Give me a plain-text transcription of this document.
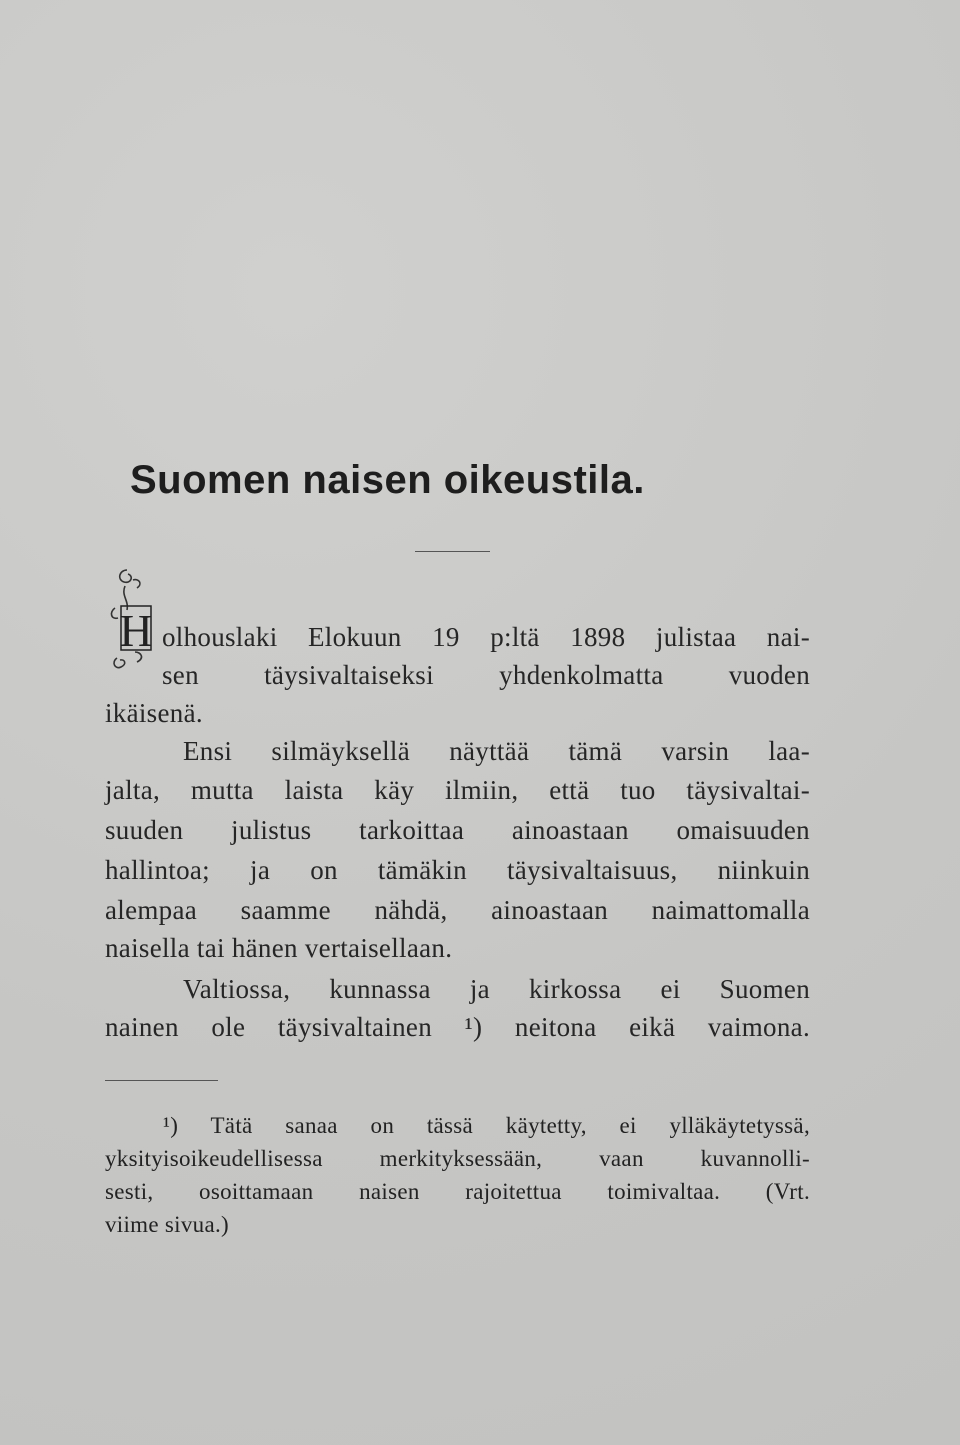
Suomen naisen oikeustila.
H olhouslaki Elokuun 19 p:ltä 1898 julistaa nai-
sen täysivaltaiseksi yhdenkolmatta vuoden
ikäisenä.
Ensi silmäyksellä näyttää tämä varsin laa-
jalta, mutta laista käy ilmiin, että tuo täysivaltai-
suuden julistus tarkoittaa ainoastaan omaisuuden
hallintoa; ja on tämäkin täysivaltaisuus, niinkuin
alempaa saamme nähdä, ainoastaan naimattomalla
naisella tai hänen vertaisellaan.
Valtiossa, kunnassa ja kirkossa ei Suomen
nainen ole täysivaltainen ¹) neitona eikä vaimona.
¹) Tätä sanaa on tässä käytetty, ei ylläkäytetyssä,
yksityisoikeudellisessa merkityksessään, vaan kuvannolli-
sesti, osoittamaan naisen rajoitettua toimivaltaa. (Vrt.
viime sivua.)
